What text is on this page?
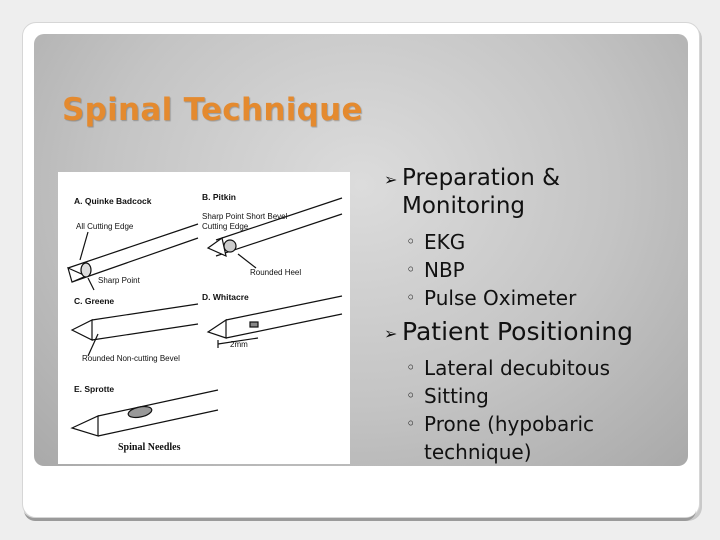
Spinal Technique
A. Quinke Badcock
All Cutting Edge
Sharp Point
B. Pitkin
Sharp Point Short Bevel
Cutting Edge
Rounded Heel
C. Greene
Rounded Non-cutting Bevel
D. Whitacre
2mm
E. Sprotte
Spinal Needles
➢ Preparation & Monitoring
◦ EKG
◦ NBP
◦ Pulse Oximeter
➢ Patient Positioning
◦ Lateral decubitous
◦ Sitting
◦ Prone (hypobaric technique)
